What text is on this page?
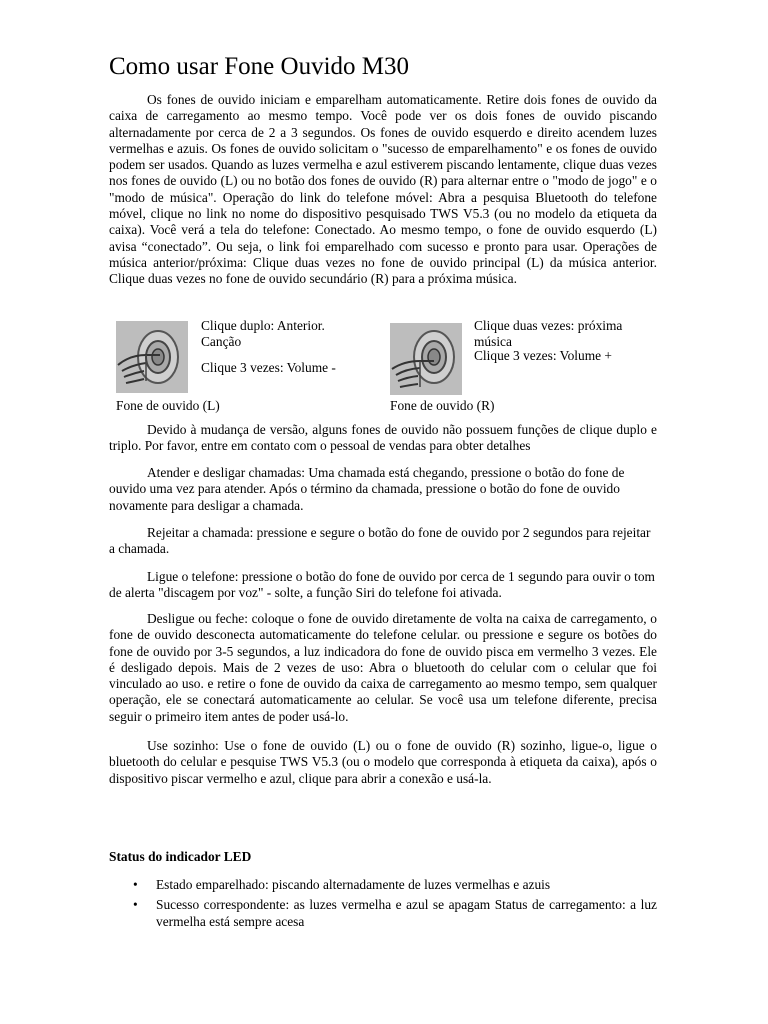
Como usar Fone Ouvido M30

Os fones de ouvido iniciam e emparelham automaticamente. Retire dois fones de ouvido da caixa de carregamento ao mesmo tempo. Você pode ver os dois fones de ouvido piscando alternadamente por cerca de 2 a 3 segundos. Os fones de ouvido esquerdo e direito acendem luzes vermelhas e azuis. Os fones de ouvido solicitam o "sucesso de emparelhamento" e os fones de ouvido podem ser usados. Quando as luzes vermelha e azul estiverem piscando lentamente, clique duas vezes nos fones de ouvido (L) ou no botão dos fones de ouvido (R) para alternar entre o "modo de jogo" e o "modo de música". Operação do link do telefone móvel: Abra a pesquisa Bluetooth do telefone móvel, clique no link no nome do dispositivo pesquisado TWS V5.3 (ou no modelo da etiqueta da caixa). Você verá a tela do telefone: Conectado. Ao mesmo tempo, o fone de ouvido esquerdo (L) avisa “conectado”. Ou seja, o link foi emparelhado com sucesso e pronto para usar. Operações de música anterior/próxima: Clique duas vezes no fone de ouvido principal (L) da música anterior. Clique duas vezes no fone de ouvido secundário (R) para a próxima música.

Clique duplo: Anterior. Canção

Clique 3 vezes: Volume -

Fone de ouvido (L)

Clique duas vezes: próxima música

Clique 3 vezes: Volume +

Fone de ouvido (R)

Devido à mudança de versão, alguns fones de ouvido não possuem funções de clique duplo e triplo. Por favor, entre em contato com o pessoal de vendas para obter detalhes

Atender e desligar chamadas: Uma chamada está chegando, pressione o botão do fone de ouvido uma vez para atender. Após o término da chamada, pressione o botão do fone de ouvido novamente para desligar a chamada.

Rejeitar a chamada: pressione e segure o botão do fone de ouvido por 2 segundos para rejeitar a chamada.

Ligue o telefone: pressione o botão do fone de ouvido por cerca de 1 segundo para ouvir o tom de alerta "discagem por voz" - solte, a função Siri do telefone foi ativada.

Desligue ou feche: coloque o fone de ouvido diretamente de volta na caixa de carregamento, o fone de ouvido desconecta automaticamente do telefone celular. ou pressione e segure os botões do fone de ouvido por 3-5 segundos, a luz indicadora do fone de ouvido pisca em vermelho 3 vezes. Ele é desligado depois. Mais de 2 vezes de uso: Abra o bluetooth do celular com o celular que foi vinculado ao uso. e retire o fone de ouvido da caixa de carregamento ao mesmo tempo, sem qualquer operação, ele se conectará automaticamente ao celular. Se você usa um telefone diferente, precisa seguir o primeiro item antes de poder usá-lo.

Use sozinho: Use o fone de ouvido (L) ou o fone de ouvido (R) sozinho, ligue-o, ligue o bluetooth do celular e pesquise TWS V5.3 (ou o modelo que corresponda à etiqueta da caixa), após o dispositivo piscar vermelho e azul, clique para abrir a conexão e usá-la.

Status do indicador LED

• Estado emparelhado: piscando alternadamente de luzes vermelhas e azuis
• Sucesso correspondente: as luzes vermelha e azul se apagam Status de carregamento: a luz vermelha está sempre acesa
